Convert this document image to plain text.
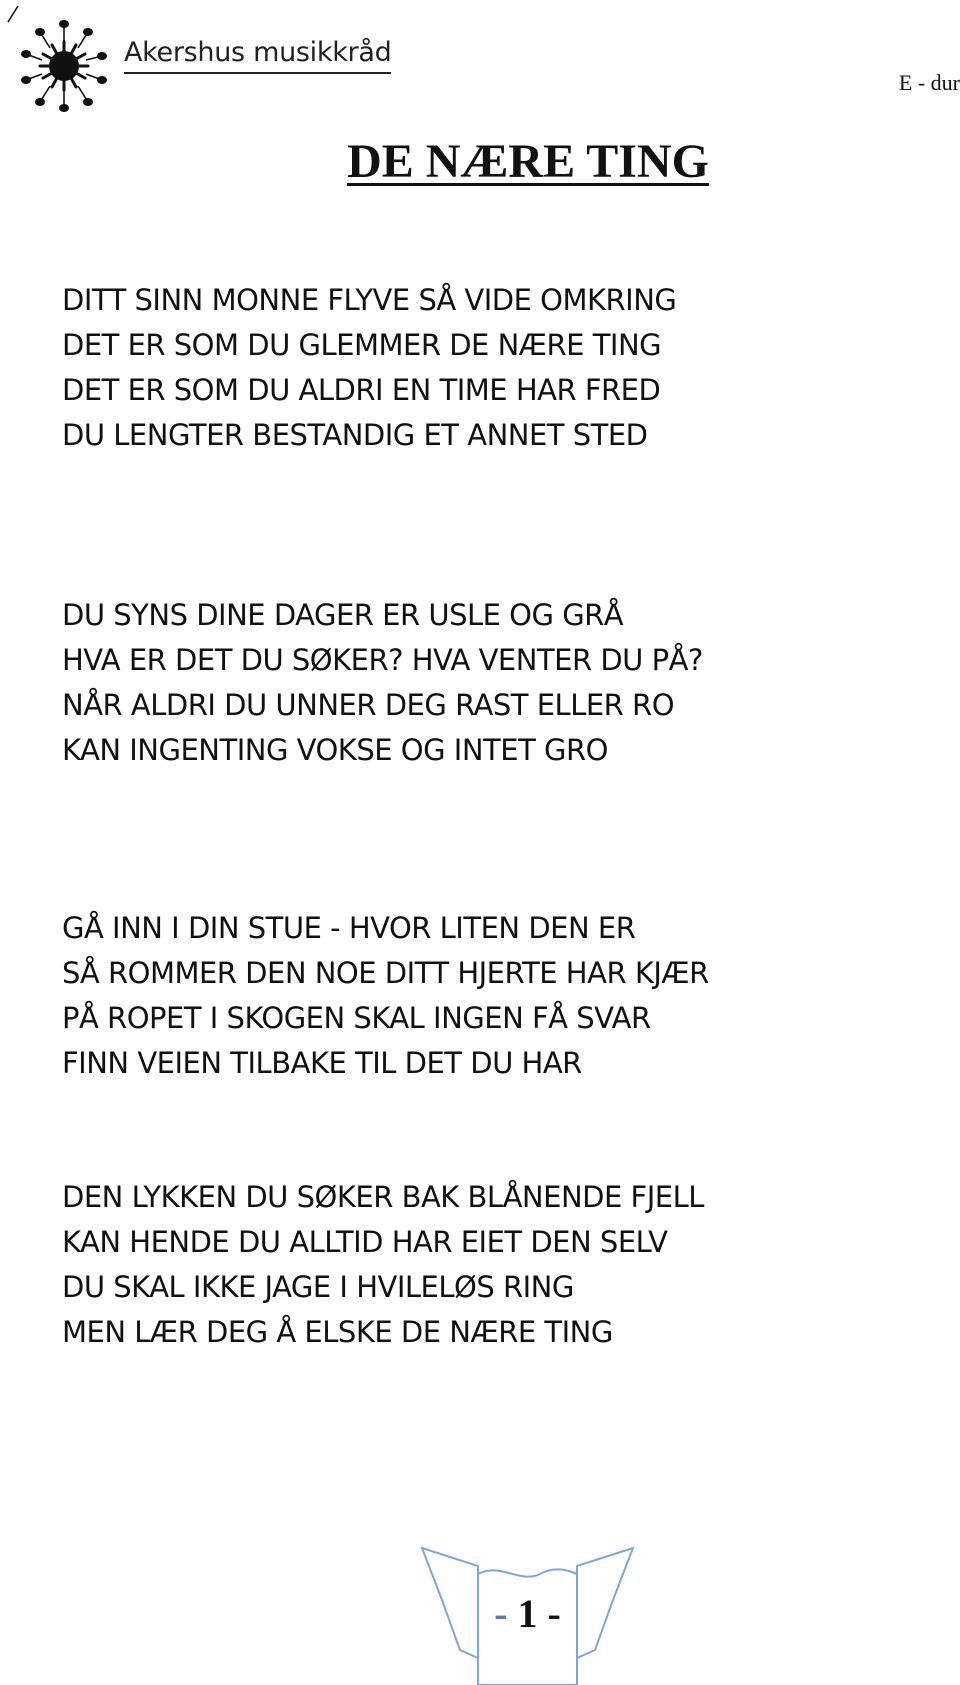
Akershus musikkråd
E - dur
DE NÆRE TING
DITT SINN MONNE FLYVE SÅ VIDE OMKRING
DET ER SOM DU GLEMMER DE NÆRE TING
DET ER SOM DU ALDRI EN TIME HAR FRED
DU LENGTER BESTANDIG ET ANNET STED
DU SYNS DINE DAGER ER USLE OG GRÅ
HVA ER DET DU SØKER? HVA VENTER DU PÅ?
NÅR ALDRI DU UNNER DEG RAST ELLER RO
KAN INGENTING VOKSE OG INTET GRO
GÅ INN I DIN STUE - HVOR LITEN DEN ER
SÅ ROMMER DEN NOE DITT HJERTE HAR KJÆR
PÅ ROPET I SKOGEN SKAL INGEN FÅ SVAR
FINN VEIEN TILBAKE TIL DET DU HAR
DEN LYKKEN DU SØKER BAK BLÅNENDE FJELL
KAN HENDE DU ALLTID HAR EIET DEN SELV
DU SKAL IKKE JAGE I HVILELØS RING
MEN LÆR DEG Å ELSKE DE NÆRE TING
- 1 -
